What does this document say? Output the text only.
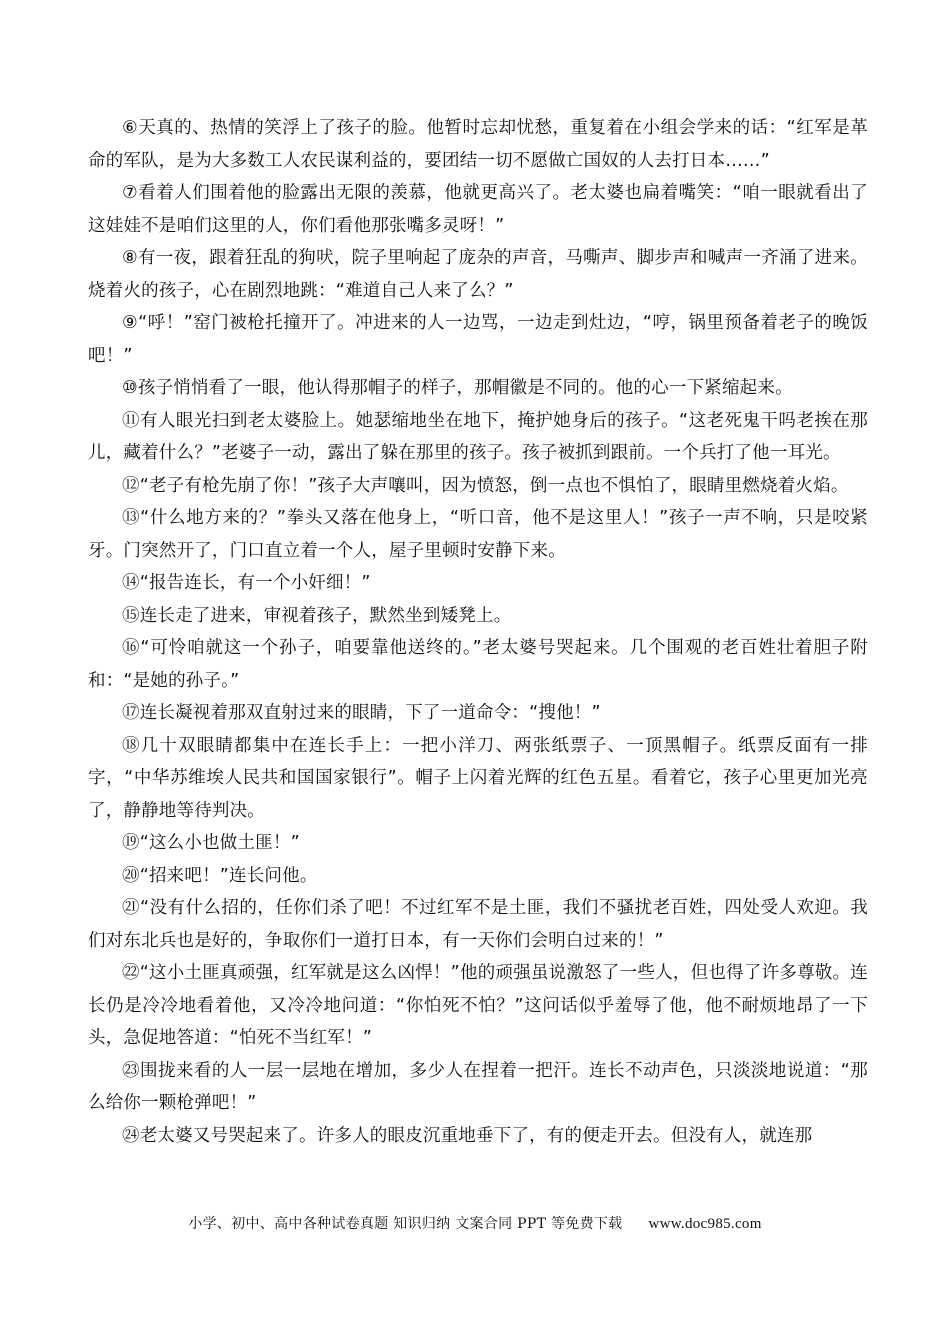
⑥天真的、热情的笑浮上了孩子的脸。他暂时忘却忧愁，重复着在小组会学来的话：“红军是革命的军队，是为大多数工人农民谋利益的，要团结一切不愿做亡国奴的人去打日本……”

⑦看着人们围着他的脸露出无限的羡慕，他就更高兴了。老太婆也扁着嘴笑：“咱一眼就看出了这娃娃不是咱们这里的人，你们看他那张嘴多灵呀！”

⑧有一夜，跟着狂乱的狗吠，院子里响起了庞杂的声音，马嘶声、脚步声和喊声一齐涌了进来。烧着火的孩子，心在剧烈地跳：“难道自己人来了么？”

⑨“呼！”窑门被枪托撞开了。冲进来的人一边骂，一边走到灶边，“哼，锅里预备着老子的晚饭吧！”

⑩孩子悄悄看了一眼，他认得那帽子的样子，那帽徽是不同的。他的心一下紧缩起来。

⑪有人眼光扫到老太婆脸上。她瑟缩地坐在地下，掩护她身后的孩子。“这老死鬼干吗老挨在那儿，藏着什么？”老婆子一动，露出了躲在那里的孩子。孩子被抓到跟前。一个兵打了他一耳光。

⑫“老子有枪先崩了你！”孩子大声嚷叫，因为愤怒，倒一点也不惧怕了，眼睛里燃烧着火焰。

⑬“什么地方来的？”拳头又落在他身上，“听口音，他不是这里人！”孩子一声不响，只是咬紧牙。门突然开了，门口直立着一个人，屋子里顿时安静下来。

⑭“报告连长，有一个小奸细！”

⑮连长走了进来，审视着孩子，默然坐到矮凳上。

⑯“可怜咱就这一个孙子，咱要靠他送终的。”老太婆号哭起来。几个围观的老百姓壮着胆子附和：“是她的孙子。”

⑰连长凝视着那双直射过来的眼睛，下了一道命令：“搜他！”

⑱几十双眼睛都集中在连长手上：一把小洋刀、两张纸票子、一顶黑帽子。纸票反面有一排字，“中华苏维埃人民共和国国家银行”。帽子上闪着光辉的红色五星。看着它，孩子心里更加光亮了，静静地等待判决。

⑲“这么小也做土匪！”

⑳“招来吧！”连长问他。

㉑“没有什么招的，任你们杀了吧！不过红军不是土匪，我们不骚扰老百姓，四处受人欢迎。我们对东北兵也是好的，争取你们一道打日本，有一天你们会明白过来的！”

㉒“这小土匪真顽强，红军就是这么凶悍！”他的顽强虽说激怒了一些人，但也得了许多尊敬。连长仍是冷冷地看着他，又冷冷地问道：“你怕死不怕？”这问话似乎羞辱了他，他不耐烦地昂了一下头，急促地答道：“怕死不当红军！”

㉓围拢来看的人一层一层地在增加，多少人在捏着一把汗。连长不动声色，只淡淡地说道：“那么给你一颗枪弹吧！”

㉔老太婆又号哭起来了。许多人的眼皮沉重地垂下了，有的便走开去。但没有人，就连那

小学、初中、高中各种试卷真题 知识归纳 文案合同 PPT 等免费下载 www.doc985.com
